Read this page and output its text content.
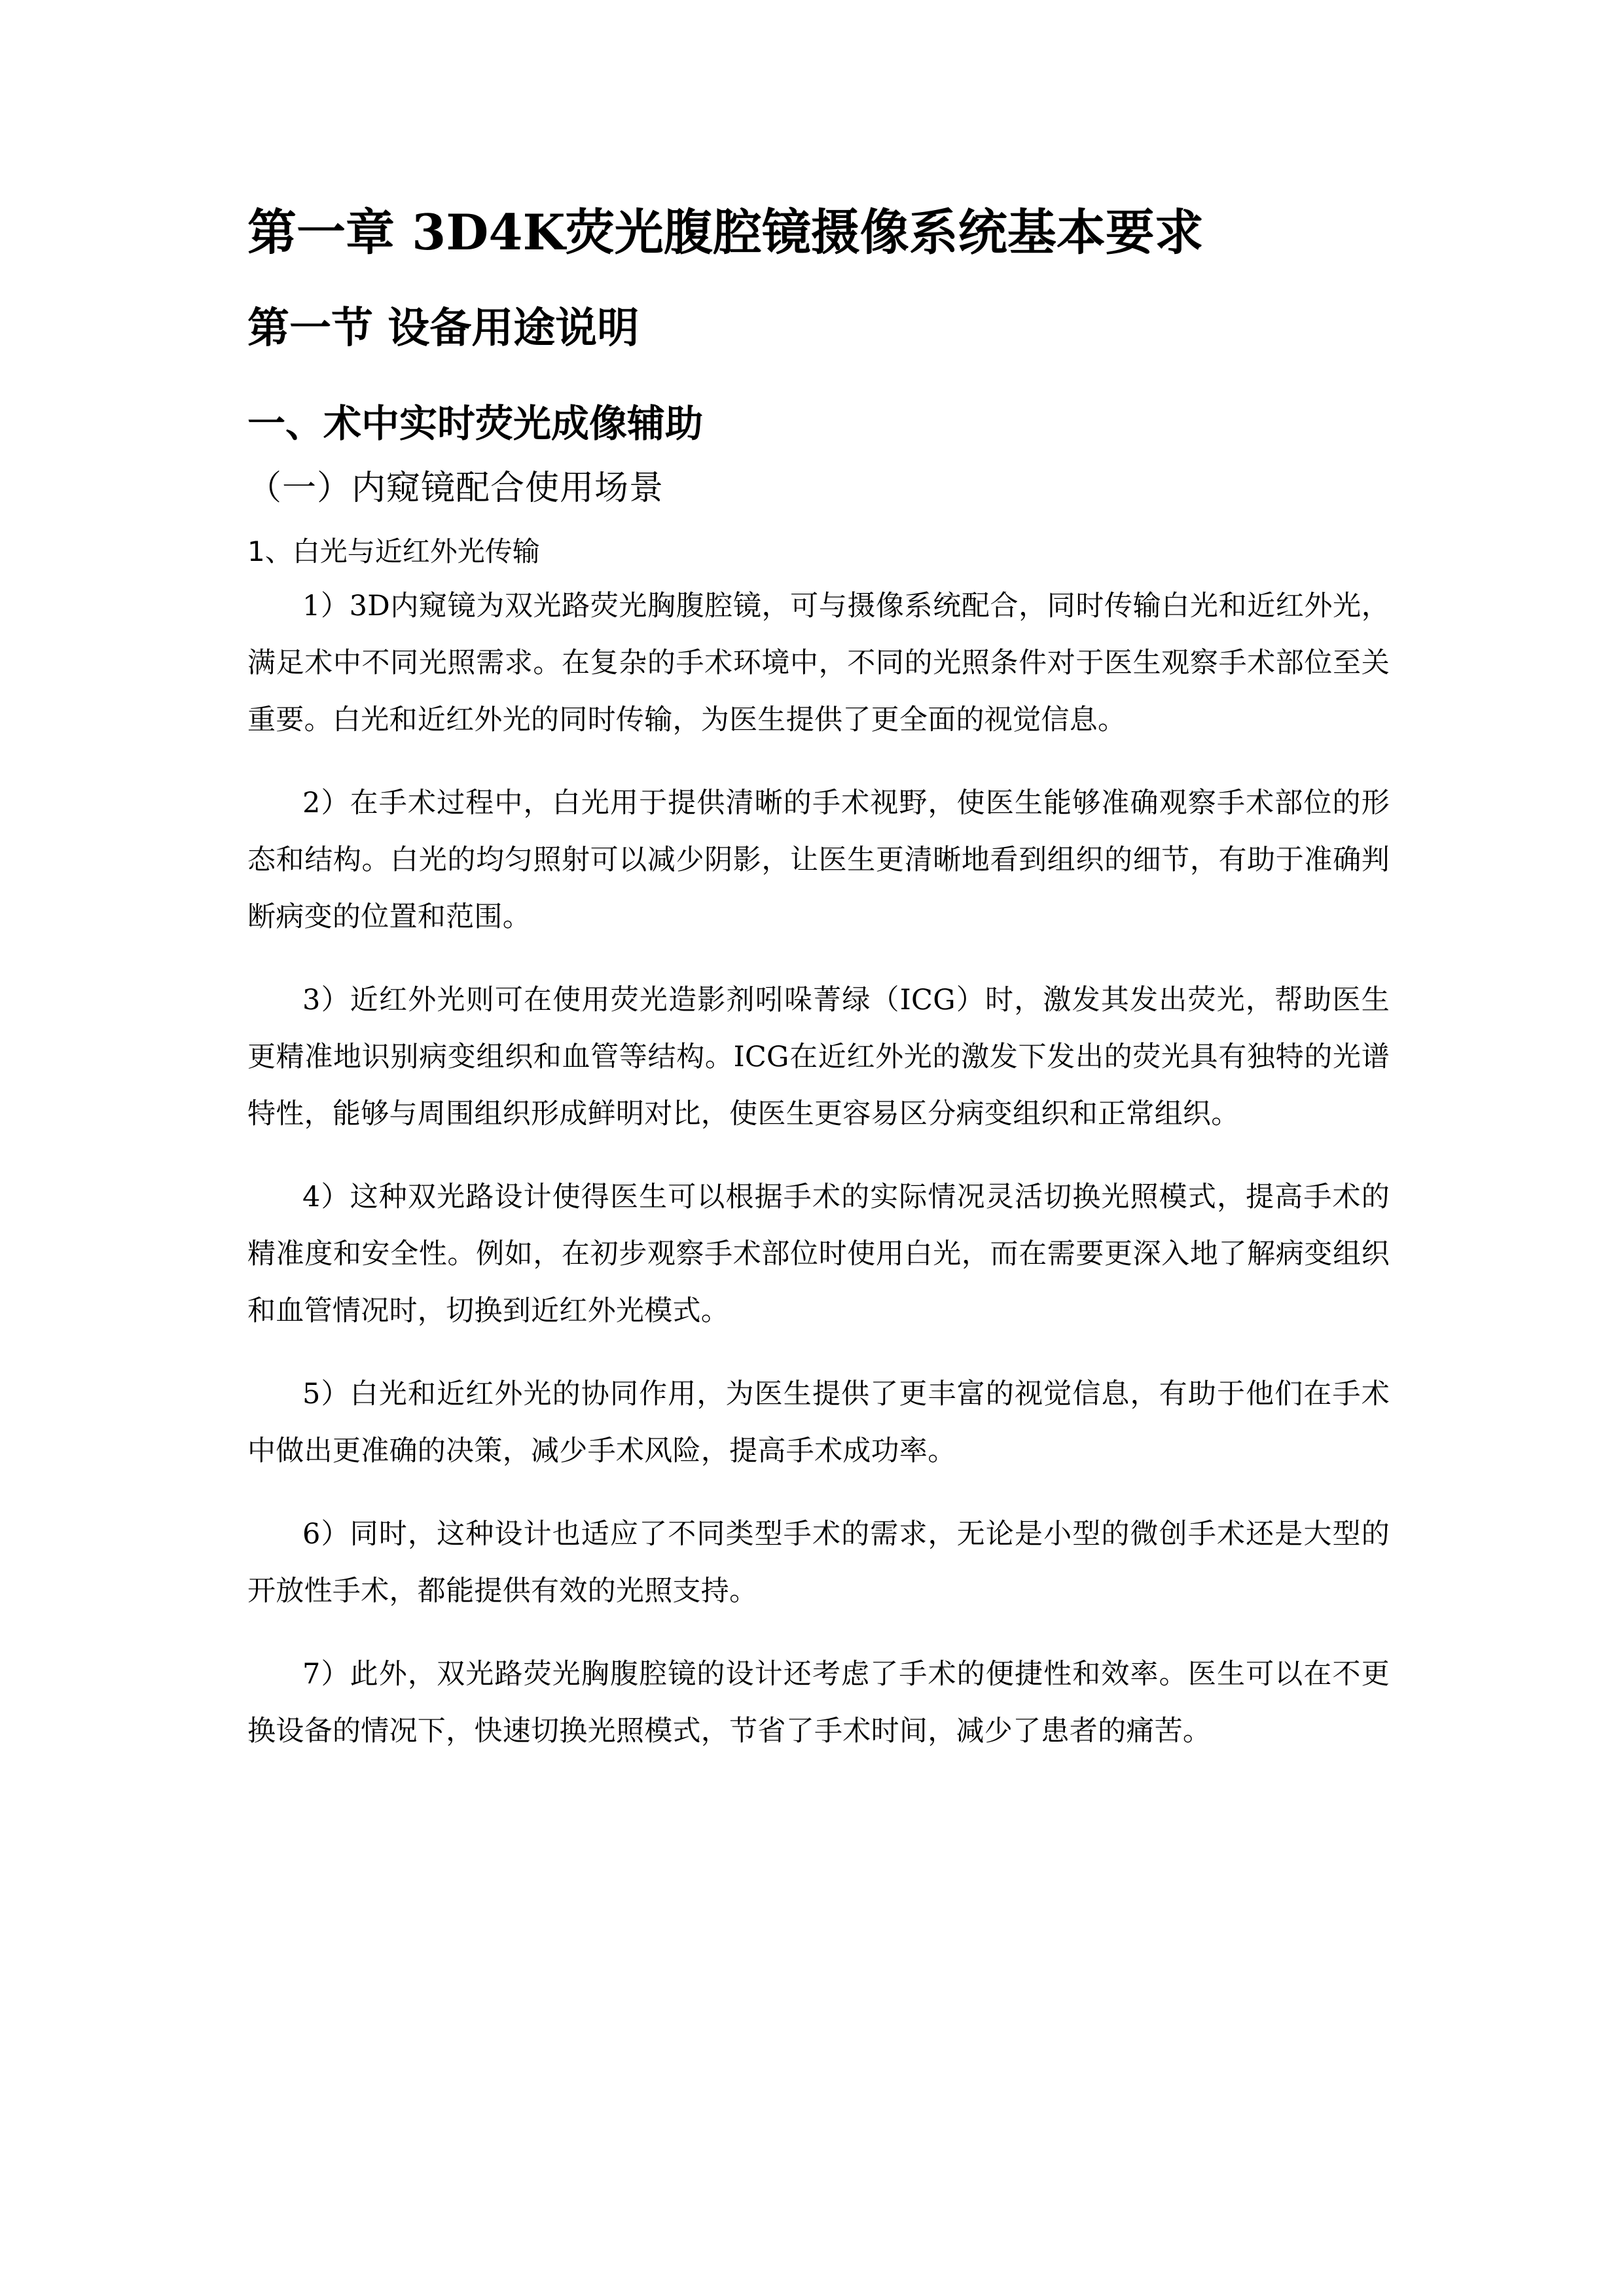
第一章 3D4K荧光腹腔镜摄像系统基本要求
第一节 设备用途说明
一、术中实时荧光成像辅助
（一）内窥镜配合使用场景
1、白光与近红外光传输

1）3D内窥镜为双光路荧光胸腹腔镜，可与摄像系统配合，同时传输白光和近红外光，满足术中不同光照需求。在复杂的手术环境中，不同的光照条件对于医生观察手术部位至关重要。白光和近红外光的同时传输，为医生提供了更全面的视觉信息。

2）在手术过程中，白光用于提供清晰的手术视野，使医生能够准确观察手术部位的形态和结构。白光的均匀照射可以减少阴影，让医生更清晰地看到组织的细节，有助于准确判断病变的位置和范围。

3）近红外光则可在使用荧光造影剂吲哚菁绿（ICG）时，激发其发出荧光，帮助医生更精准地识别病变组织和血管等结构。ICG在近红外光的激发下发出的荧光具有独特的光谱特性，能够与周围组织形成鲜明对比，使医生更容易区分病变组织和正常组织。

4）这种双光路设计使得医生可以根据手术的实际情况灵活切换光照模式，提高手术的精准度和安全性。例如，在初步观察手术部位时使用白光，而在需要更深入地了解病变组织和血管情况时，切换到近红外光模式。

5）白光和近红外光的协同作用，为医生提供了更丰富的视觉信息，有助于他们在手术中做出更准确的决策，减少手术风险，提高手术成功率。

6）同时，这种设计也适应了不同类型手术的需求，无论是小型的微创手术还是大型的开放性手术，都能提供有效的光照支持。

7）此外，双光路荧光胸腹腔镜的设计还考虑了手术的便捷性和效率。医生可以在不更换设备的情况下，快速切换光照模式，节省了手术时间，减少了患者的痛苦。
